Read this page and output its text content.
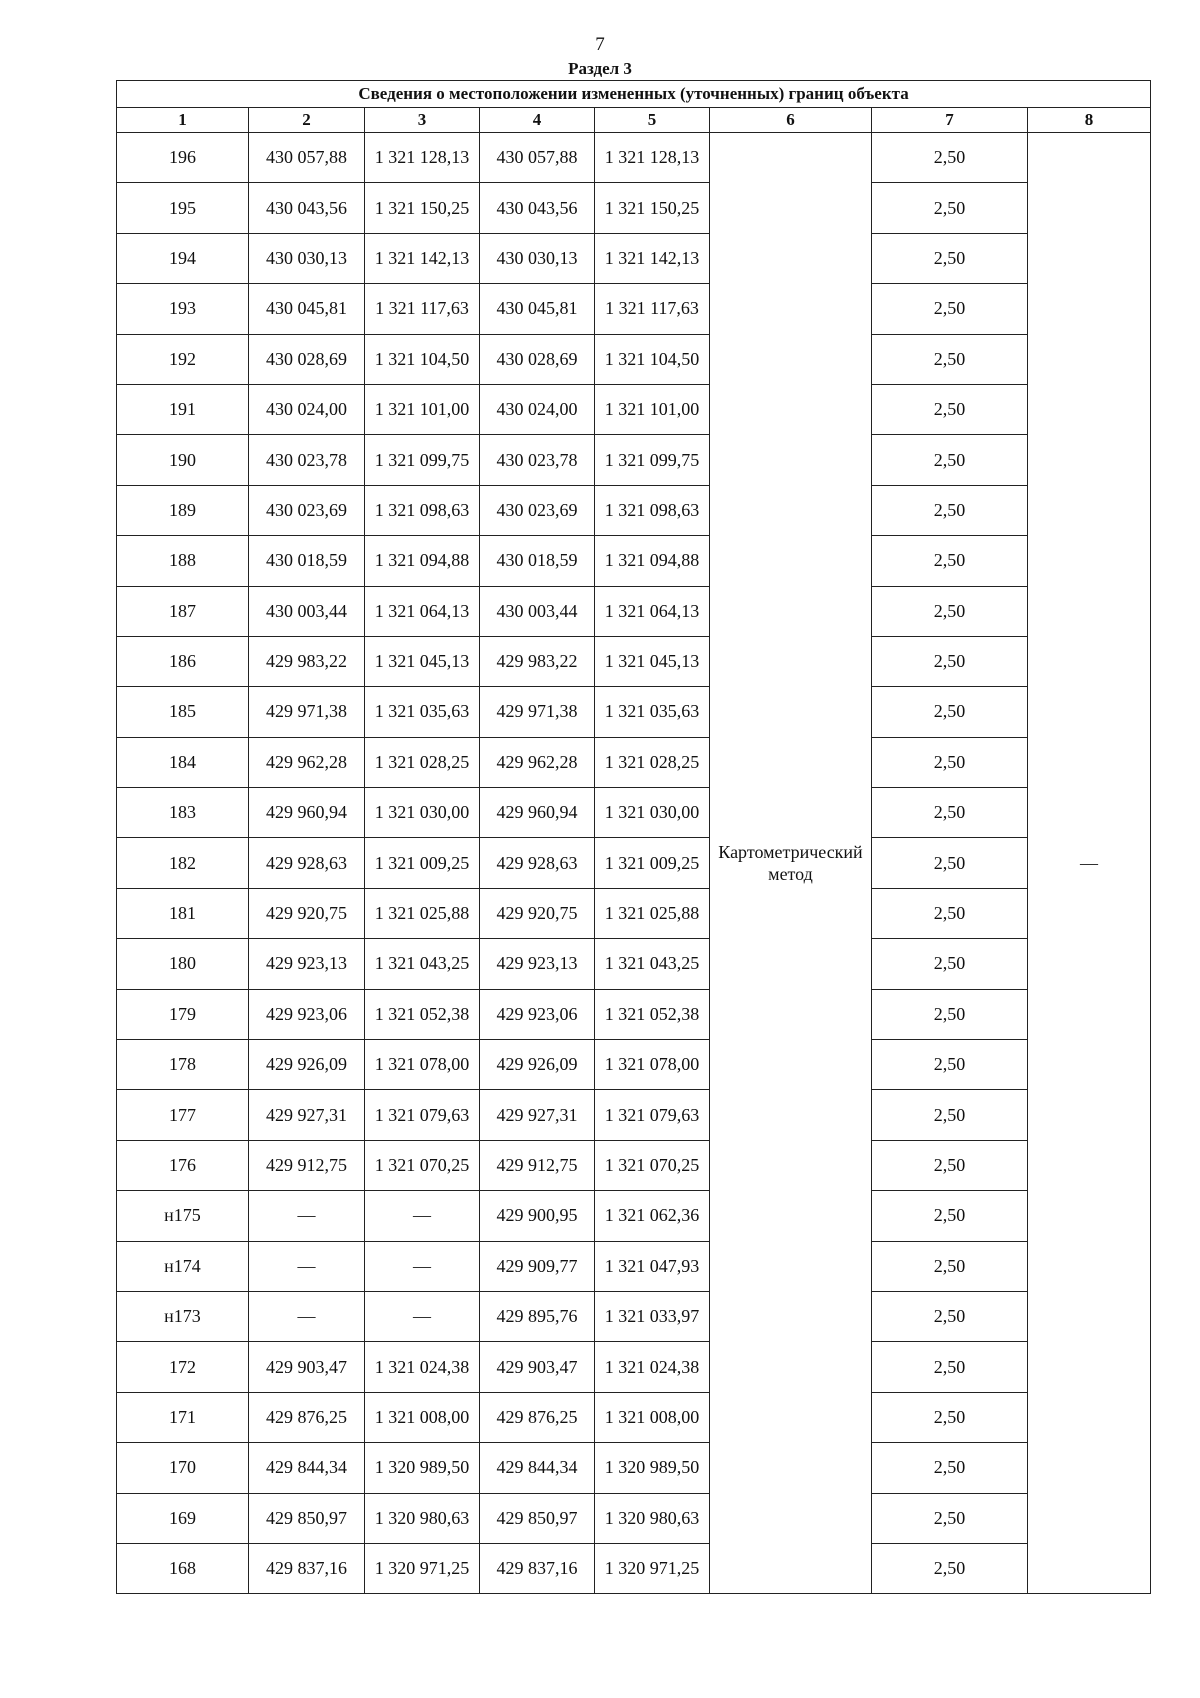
7
Раздел 3
Сведения о местоположении измененных (уточненных) границ объекта							
1	2	3	4	5	6	7	8
196	430 057,88	1 321 128,13	430 057,88	1 321 128,13	Картометрический метод	2,50	—
195	430 043,56	1 321 150,25	430 043,56	1 321 150,25		2,50	
194	430 030,13	1 321 142,13	430 030,13	1 321 142,13		2,50	
193	430 045,81	1 321 117,63	430 045,81	1 321 117,63		2,50	
192	430 028,69	1 321 104,50	430 028,69	1 321 104,50		2,50	
191	430 024,00	1 321 101,00	430 024,00	1 321 101,00		2,50	
190	430 023,78	1 321 099,75	430 023,78	1 321 099,75		2,50	
189	430 023,69	1 321 098,63	430 023,69	1 321 098,63		2,50	
188	430 018,59	1 321 094,88	430 018,59	1 321 094,88		2,50	
187	430 003,44	1 321 064,13	430 003,44	1 321 064,13		2,50	
186	429 983,22	1 321 045,13	429 983,22	1 321 045,13		2,50	
185	429 971,38	1 321 035,63	429 971,38	1 321 035,63		2,50	
184	429 962,28	1 321 028,25	429 962,28	1 321 028,25		2,50	
183	429 960,94	1 321 030,00	429 960,94	1 321 030,00		2,50	
182	429 928,63	1 321 009,25	429 928,63	1 321 009,25		2,50	
181	429 920,75	1 321 025,88	429 920,75	1 321 025,88		2,50	
180	429 923,13	1 321 043,25	429 923,13	1 321 043,25		2,50	
179	429 923,06	1 321 052,38	429 923,06	1 321 052,38		2,50	
178	429 926,09	1 321 078,00	429 926,09	1 321 078,00		2,50	
177	429 927,31	1 321 079,63	429 927,31	1 321 079,63		2,50	
176	429 912,75	1 321 070,25	429 912,75	1 321 070,25		2,50	
н175	—	—	429 900,95	1 321 062,36		2,50	
н174	—	—	429 909,77	1 321 047,93		2,50	
н173	—	—	429 895,76	1 321 033,97		2,50	
172	429 903,47	1 321 024,38	429 903,47	1 321 024,38		2,50	
171	429 876,25	1 321 008,00	429 876,25	1 321 008,00		2,50	
170	429 844,34	1 320 989,50	429 844,34	1 320 989,50		2,50	
169	429 850,97	1 320 980,63	429 850,97	1 320 980,63		2,50	
168	429 837,16	1 320 971,25	429 837,16	1 320 971,25		2,50	
